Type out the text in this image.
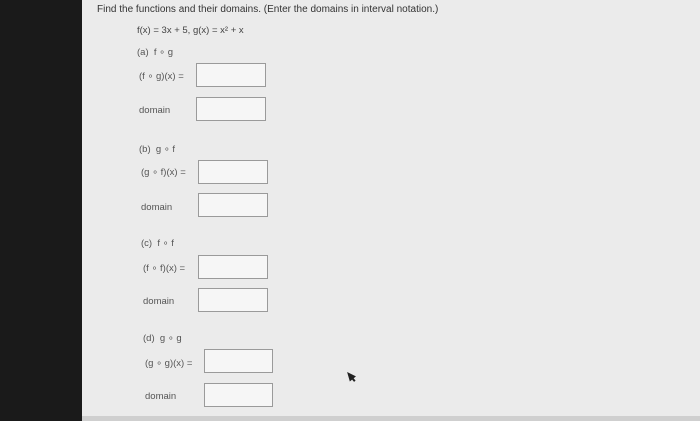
Find the functions and their domains. (Enter the domains in interval notation.)
f(x) = 3x + 5, g(x) = x² + x
(a) f ∘ g
(f ∘ g)(x) =
domain
(b) g ∘ f
(g ∘ f)(x) =
domain
(c) f ∘ f
(f ∘ f)(x) =
domain
(d) g ∘ g
(g ∘ g)(x) =
domain
